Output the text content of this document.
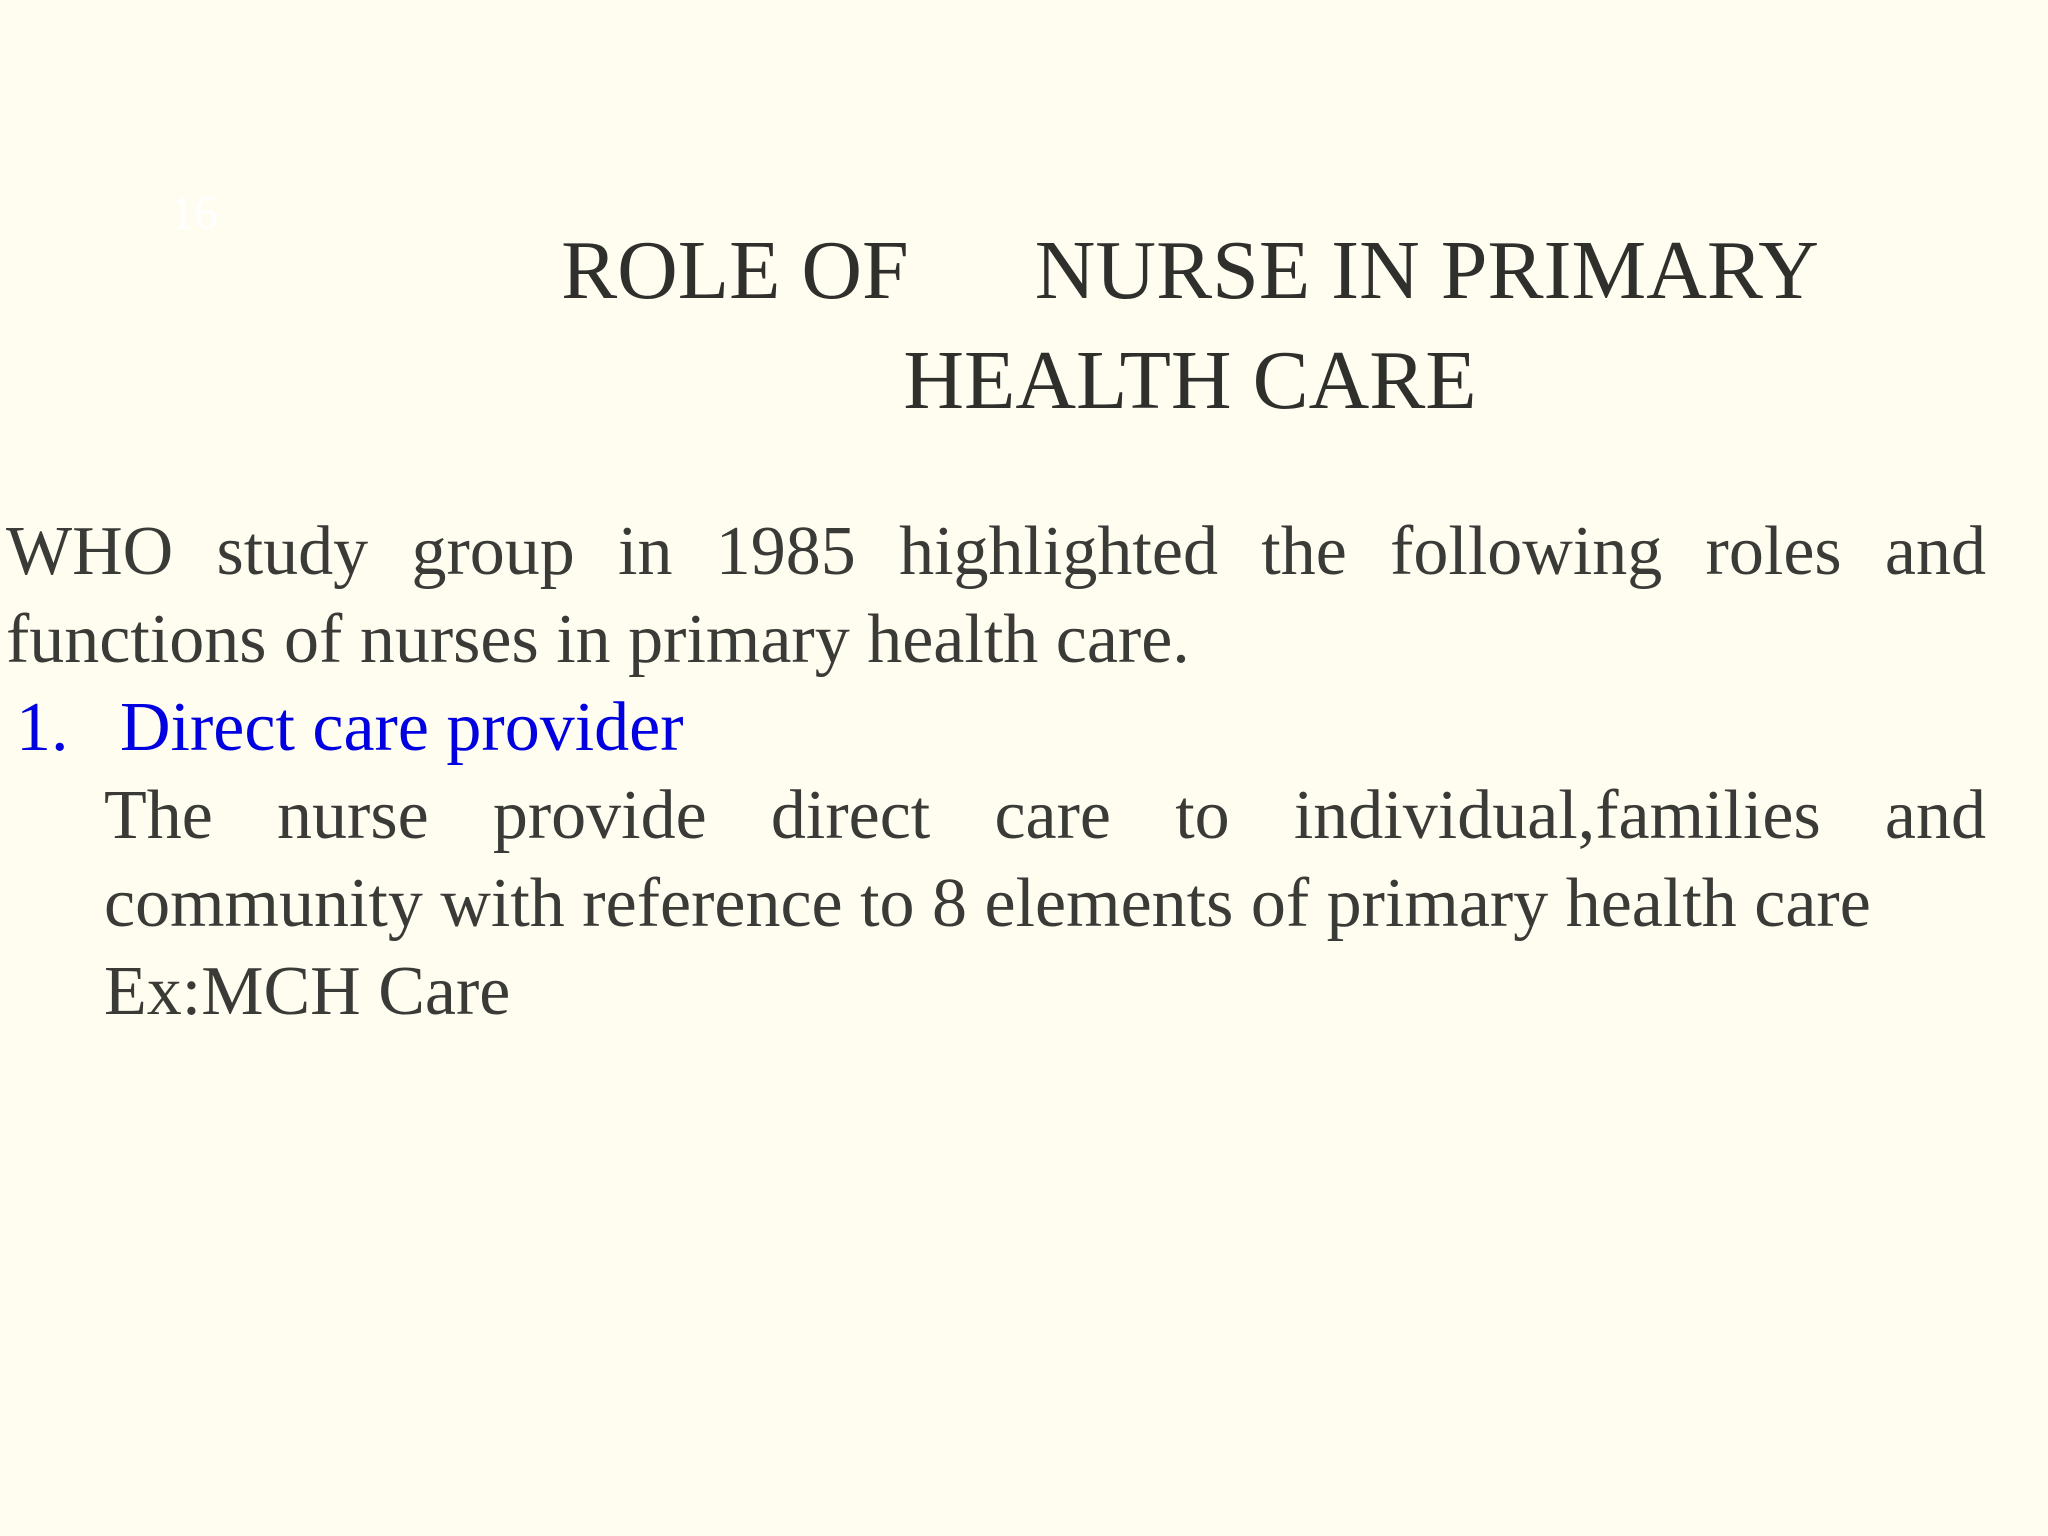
16
ROLE OF      NURSE IN PRIMARY
HEALTH CARE

WHO study group in 1985 highlighted the following roles and functions of nurses in primary health care.

1. Direct care provider

The nurse provide direct care to individual,families and community with reference to 8 elements of primary health care

Ex:MCH Care
